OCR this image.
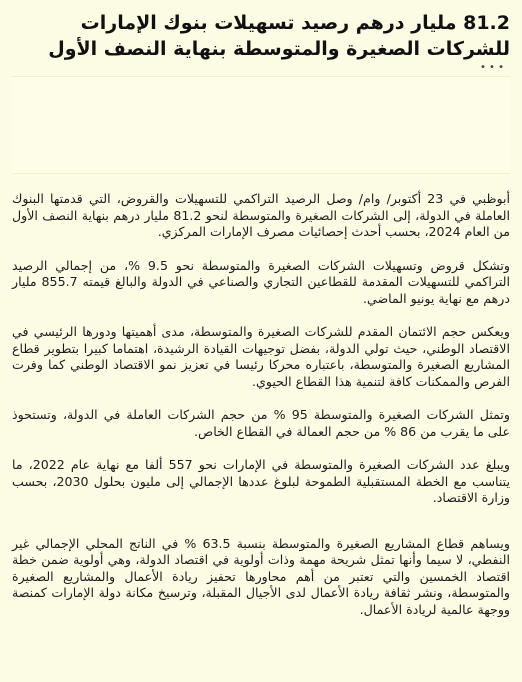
81.2 مليار درهم رصيد تسهيلات بنوك الإمارات للشركات الصغيرة والمتوسطة بنهاية النصف الأول
• • •

أبوظبي في 23 أكتوبر/ وام/ وصل الرصيد التراكمي للتسهيلات والقروض، التي قدمتها البنوك العاملة في الدولة، إلى الشركات الصغيرة والمتوسطة لنحو 81.2 مليار درهم بنهاية النصف الأول من العام 2024، بحسب أحدث إحصائيات مصرف الإمارات المركزي.

وتشكل قروض وتسهيلات الشركات الصغيرة والمتوسطة نحو 9.5 %، من إجمالي الرصيد التراكمي للتسهيلات المقدمة للقطاعين التجاري والصناعي في الدولة والبالغ قيمته 855.7 مليار درهم مع نهاية يونيو الماضي.

ويعكس حجم الائتمان المقدم للشركات الصغيرة والمتوسطة، مدى أهميتها ودورها الرئيسي في الاقتصاد الوطني، حيث تولي الدولة، بفضل توجيهات القيادة الرشيدة، اهتماما كبيرا بتطوير قطاع المشاريع الصغيرة والمتوسطة، باعتباره محركا رئيسا في تعزيز نمو الاقتصاد الوطني كما وفرت الفرص والممكنات كافة لتنمية هذا القطاع الحيوي.

وتمثل الشركات الصغيرة والمتوسطة 95 % من حجم الشركات العاملة في الدولة، وتستحوذ على ما يقرب من 86 % من حجم العمالة في القطاع الخاص.

ويبلغ عدد الشركات الصغيرة والمتوسطة في الإمارات نحو 557 ألفا مع نهاية عام 2022، ما يتناسب مع الخطة المستقبلية الطموحة لبلوغ عددها الإجمالي إلى مليون بحلول 2030، بحسب وزارة الاقتصاد.

ويساهم قطاع المشاريع الصغيرة والمتوسطة بنسبة 63.5 % في الناتج المحلي الإجمالي غير النفطي، لا سيما وأنها تمثل شريحة مهمة وذات أولوية في اقتصاد الدولة، وهي أولوية ضمن خطة اقتصاد الخمسين والتي تعتبر من أهم محاورها تحفيز ريادة الأعمال والمشاريع الصغيرة والمتوسطة، ونشر ثقافة ريادة الأعمال لدى الأجيال المقبلة، وترسيخ مكانة دولة الإمارات كمنصة ووجهة عالمية لريادة الأعمال.
